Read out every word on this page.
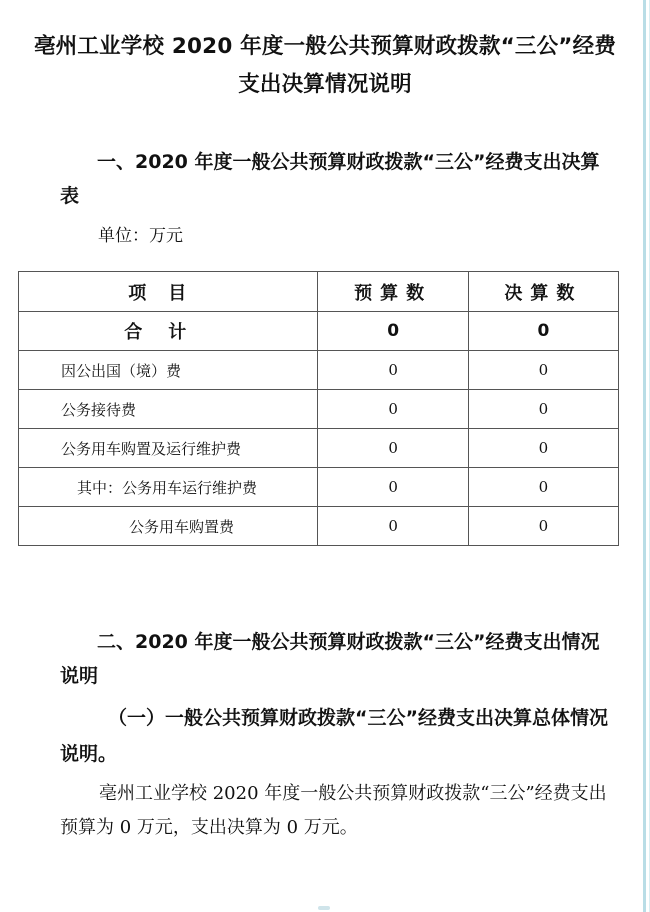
亳州工业学校 2020 年度一般公共预算财政拨款“三公”经费支出决算情况说明
一、2020 年度一般公共预算财政拨款“三公”经费支出决算表
单位：万元
项目	预算数	决算数
合计	0	0
因公出国（境）费	0	0
公务接待费	0	0
公务用车购置及运行维护费	0	0
其中：公务用车运行维护费	0	0
公务用车购置费	0	0
二、2020 年度一般公共预算财政拨款“三公”经费支出情况说明
（一）一般公共预算财政拨款“三公”经费支出决算总体情况说明。
亳州工业学校 2020 年度一般公共预算财政拨款“三公”经费支出预算为 0 万元，支出决算为 0 万元。
